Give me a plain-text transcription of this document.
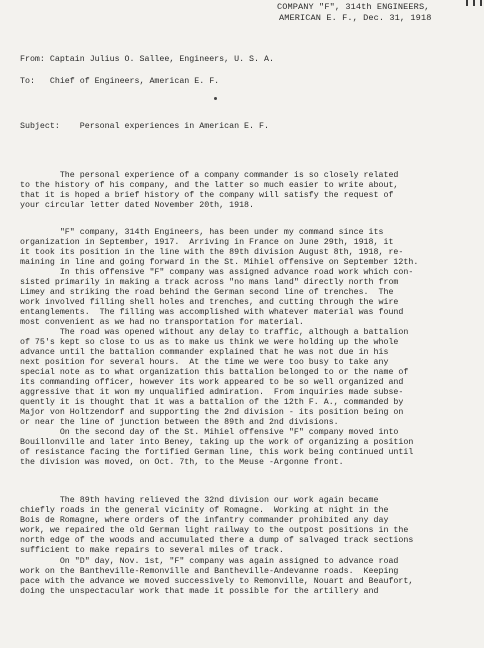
COMPANY "F", 314th ENGINEERS,
AMERICAN E. F., Dec. 31, 1918
From: Captain Julius O. Sallee, Engineers, U. S. A.
To:   Chief of Engineers, American E. F.
Subject:    Personal experiences in American E. F.
The personal experience of a company commander is so closely related
to the history of his company, and the latter so much easier to write about,
that it is hoped a brief history of the company will satisfy the request of
your circular letter dated November 20th, 1918.
"F" company, 314th Engineers, has been under my command since its
organization in September, 1917.  Arriving in France on June 29th, 1918, it
it took its position in the line with the 89th division August 8th, 1918, re-
maining in line and going forward in the St. Mihiel offensive on September 12th.
In this offensive "F" company was assigned advance road work which con-
sisted primarily in making a track across "no mans land" directly north from
Limey and striking the road behind the German second line of trenches.  The
work involved filling shell holes and trenches, and cutting through the wire
entanglements.  The filling was accomplished with whatever material was found
most convenient as we had no transportation for material.
The road was opened without any delay to traffic, although a battalion
of 75's kept so close to us as to make us think we were holding up the whole
advance until the battalion commander explained that he was not due in his
next position for several hours.  At the time we were too busy to take any
special note as to what organization this battalion belonged to or the name of
its commanding officer, however its work appeared to be so well organized and
aggressive that it won my unqualified admiration.  From inquiries made subse-
quently it is thought that it was a battalion of the 12th F. A., commanded by
Major von Holtzendorf and supporting the 2nd division - its position being on
or near the line of junction between the 89th and 2nd divisions.
On the second day of the St. Mihiel offensive "F" company moved into
Bouillonville and later into Beney, taking up the work of organizing a position
of resistance facing the fortified German line, this work being continued until
the division was moved, on Oct. 7th, to the Meuse -Argonne front.
The 89th having relieved the 32nd division our work again became
chiefly roads in the general vicinity of Romagne.  Working at night in the
Bois de Romagne, where orders of the infantry commander prohibited any day
work, we repaired the old German light railway to the outpost positions in the
north edge of the woods and accumulated there a dump of salvaged track sections
sufficient to make repairs to several miles of track.
On "D" day, Nov. 1st, "F" company was again assigned to advance road
work on the Bantheville-Remonville and Bantheville-Andevanne roads.  Keeping
pace with the advance we moved successively to Remonville, Nouart and Beaufort,
doing the unspectacular work that made it possible for the artillery and
